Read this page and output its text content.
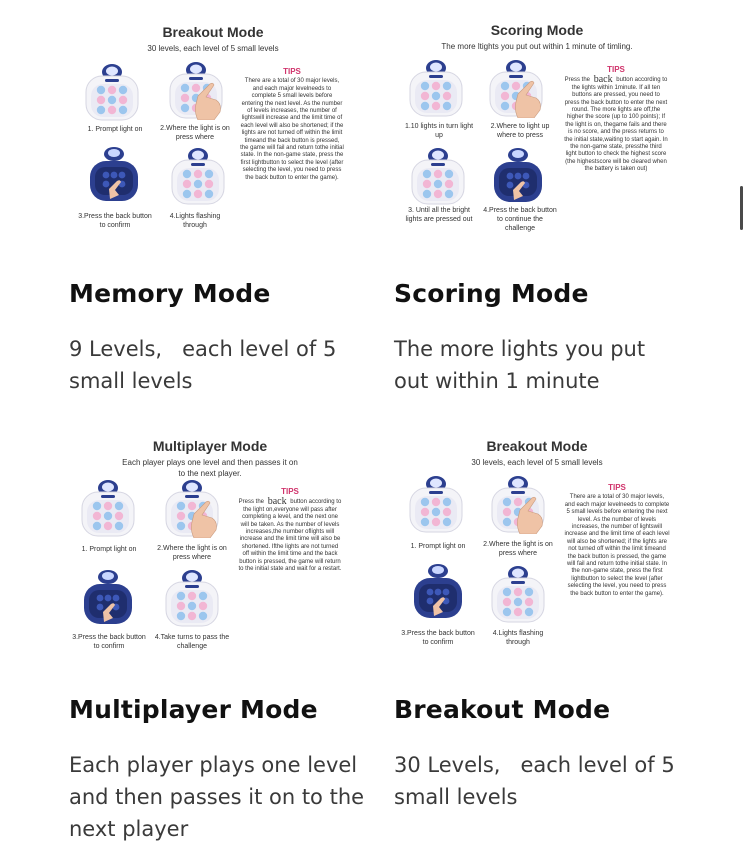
Breakout Mode
30 levels, each level of 5 small levels
1. Prompt light on	2.Where the light is on press where
3.Press the back button to confirm
4.Lights flashing through
TIPS
There are a total of 30 major levels, and each major levelneeds to complete 5 small levels before entering the next level. As the number of levels increases, the number of lightswill increase and the limit time of each level will also be shortened; if the lights are not turned off within the limit timeand the back button is pressed, the game will fail and return tothe initial state. In the non-game state, press the first lightbutton to select the level (after selecting the level, you need to press the back button to enter the game).
Scoring Mode
The more ltights you put out within 1 minute of timling.
1.10 lights in turn light up
2.Where to light up where to press
3. Until all the bright lights are pressed out
4.Press the back button to continue the challenge
TIPS
Press the back button according to the lights within 1minute. If all ten buttons are pressed, you need to press the back button to enter the next round. The more lights are off,the higher the score (up to 100 points); If the light is on, thegame fails and there is no score, and the press returns to the initial state,waiting to start again. In the non-game state, pressthe third light button to check the highest score (the highestscore will be cleared when the battery is taken out)
Multiplayer Mode
Each player plays one level and then passes it on to the next player.
1. Prompt light on	2.Where the light is on press where
3.Press the back button to confirm
4.Take turns to pass the challenge
TIPS
Press the back button according to the light on,everyone will pass after completing a level, and the next one will be taken. As the number of levels increases,the number oflights will increase and the limit time will also be shortened. Ifthe lights are not turned off within the limit time and the back button is pressed, the game will return to the initial state and wait for a restart.
Breakout Mode
30 levels, each level of 5 small levels
1. Prompt light on	2.Where the light is on press where
3.Press the back button to confirm
4.Lights flashing through
TIPS
There are a total of 30 major levels, and each major levelneeds to complete 5 small levels before entering the next level. As the number of levels increases, the number of lightswill increase and the limit time of each level will also be shortened; if the lights are not turned off within the limit timeand the back button is pressed, the game will fail and return tothe initial state. In the non-game state, press the first lightbutton to select the level (after selecting the level, you need to press the back button to enter the game).
Memory Mode
9 Levels,   each level of 5 small levels
Scoring Mode
The more lights you put out within 1 minute
Multiplayer Mode
Each player plays one level and then passes it on to the next player
Breakout Mode
30 Levels,   each level of 5 small levels
